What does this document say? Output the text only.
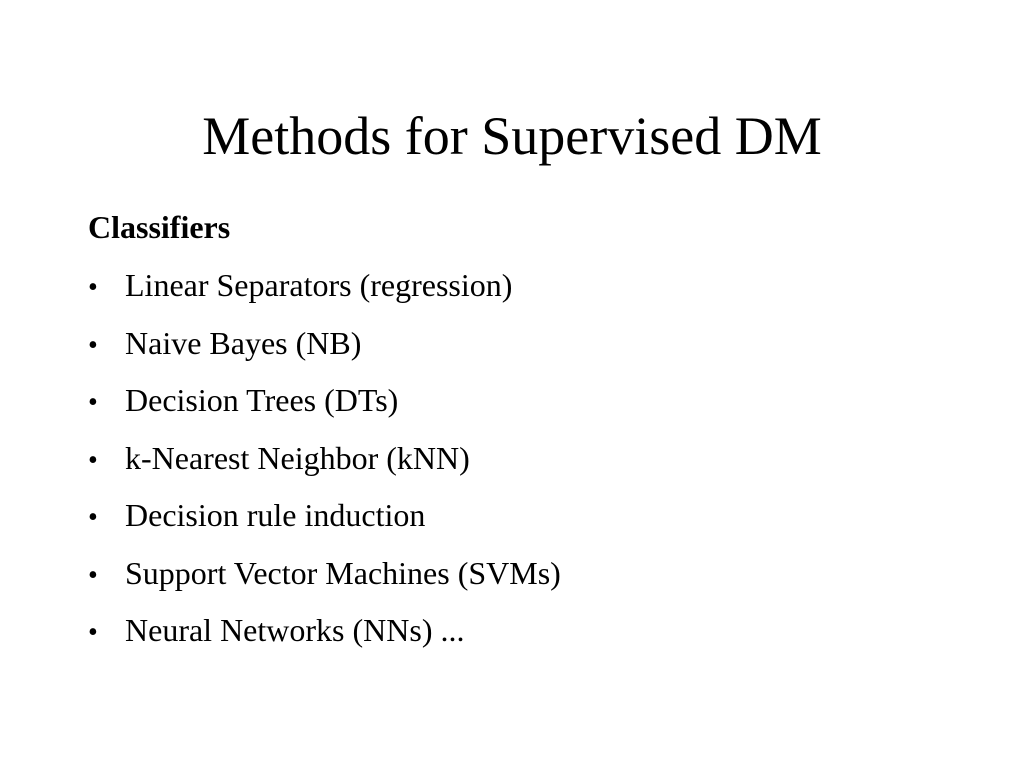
Methods for Supervised DM
Classifiers
• Linear Separators (regression)
• Naive Bayes (NB)
• Decision Trees (DTs)
• k-Nearest Neighbor (kNN)
• Decision rule induction
• Support Vector Machines (SVMs)
• Neural Networks (NNs) ...
